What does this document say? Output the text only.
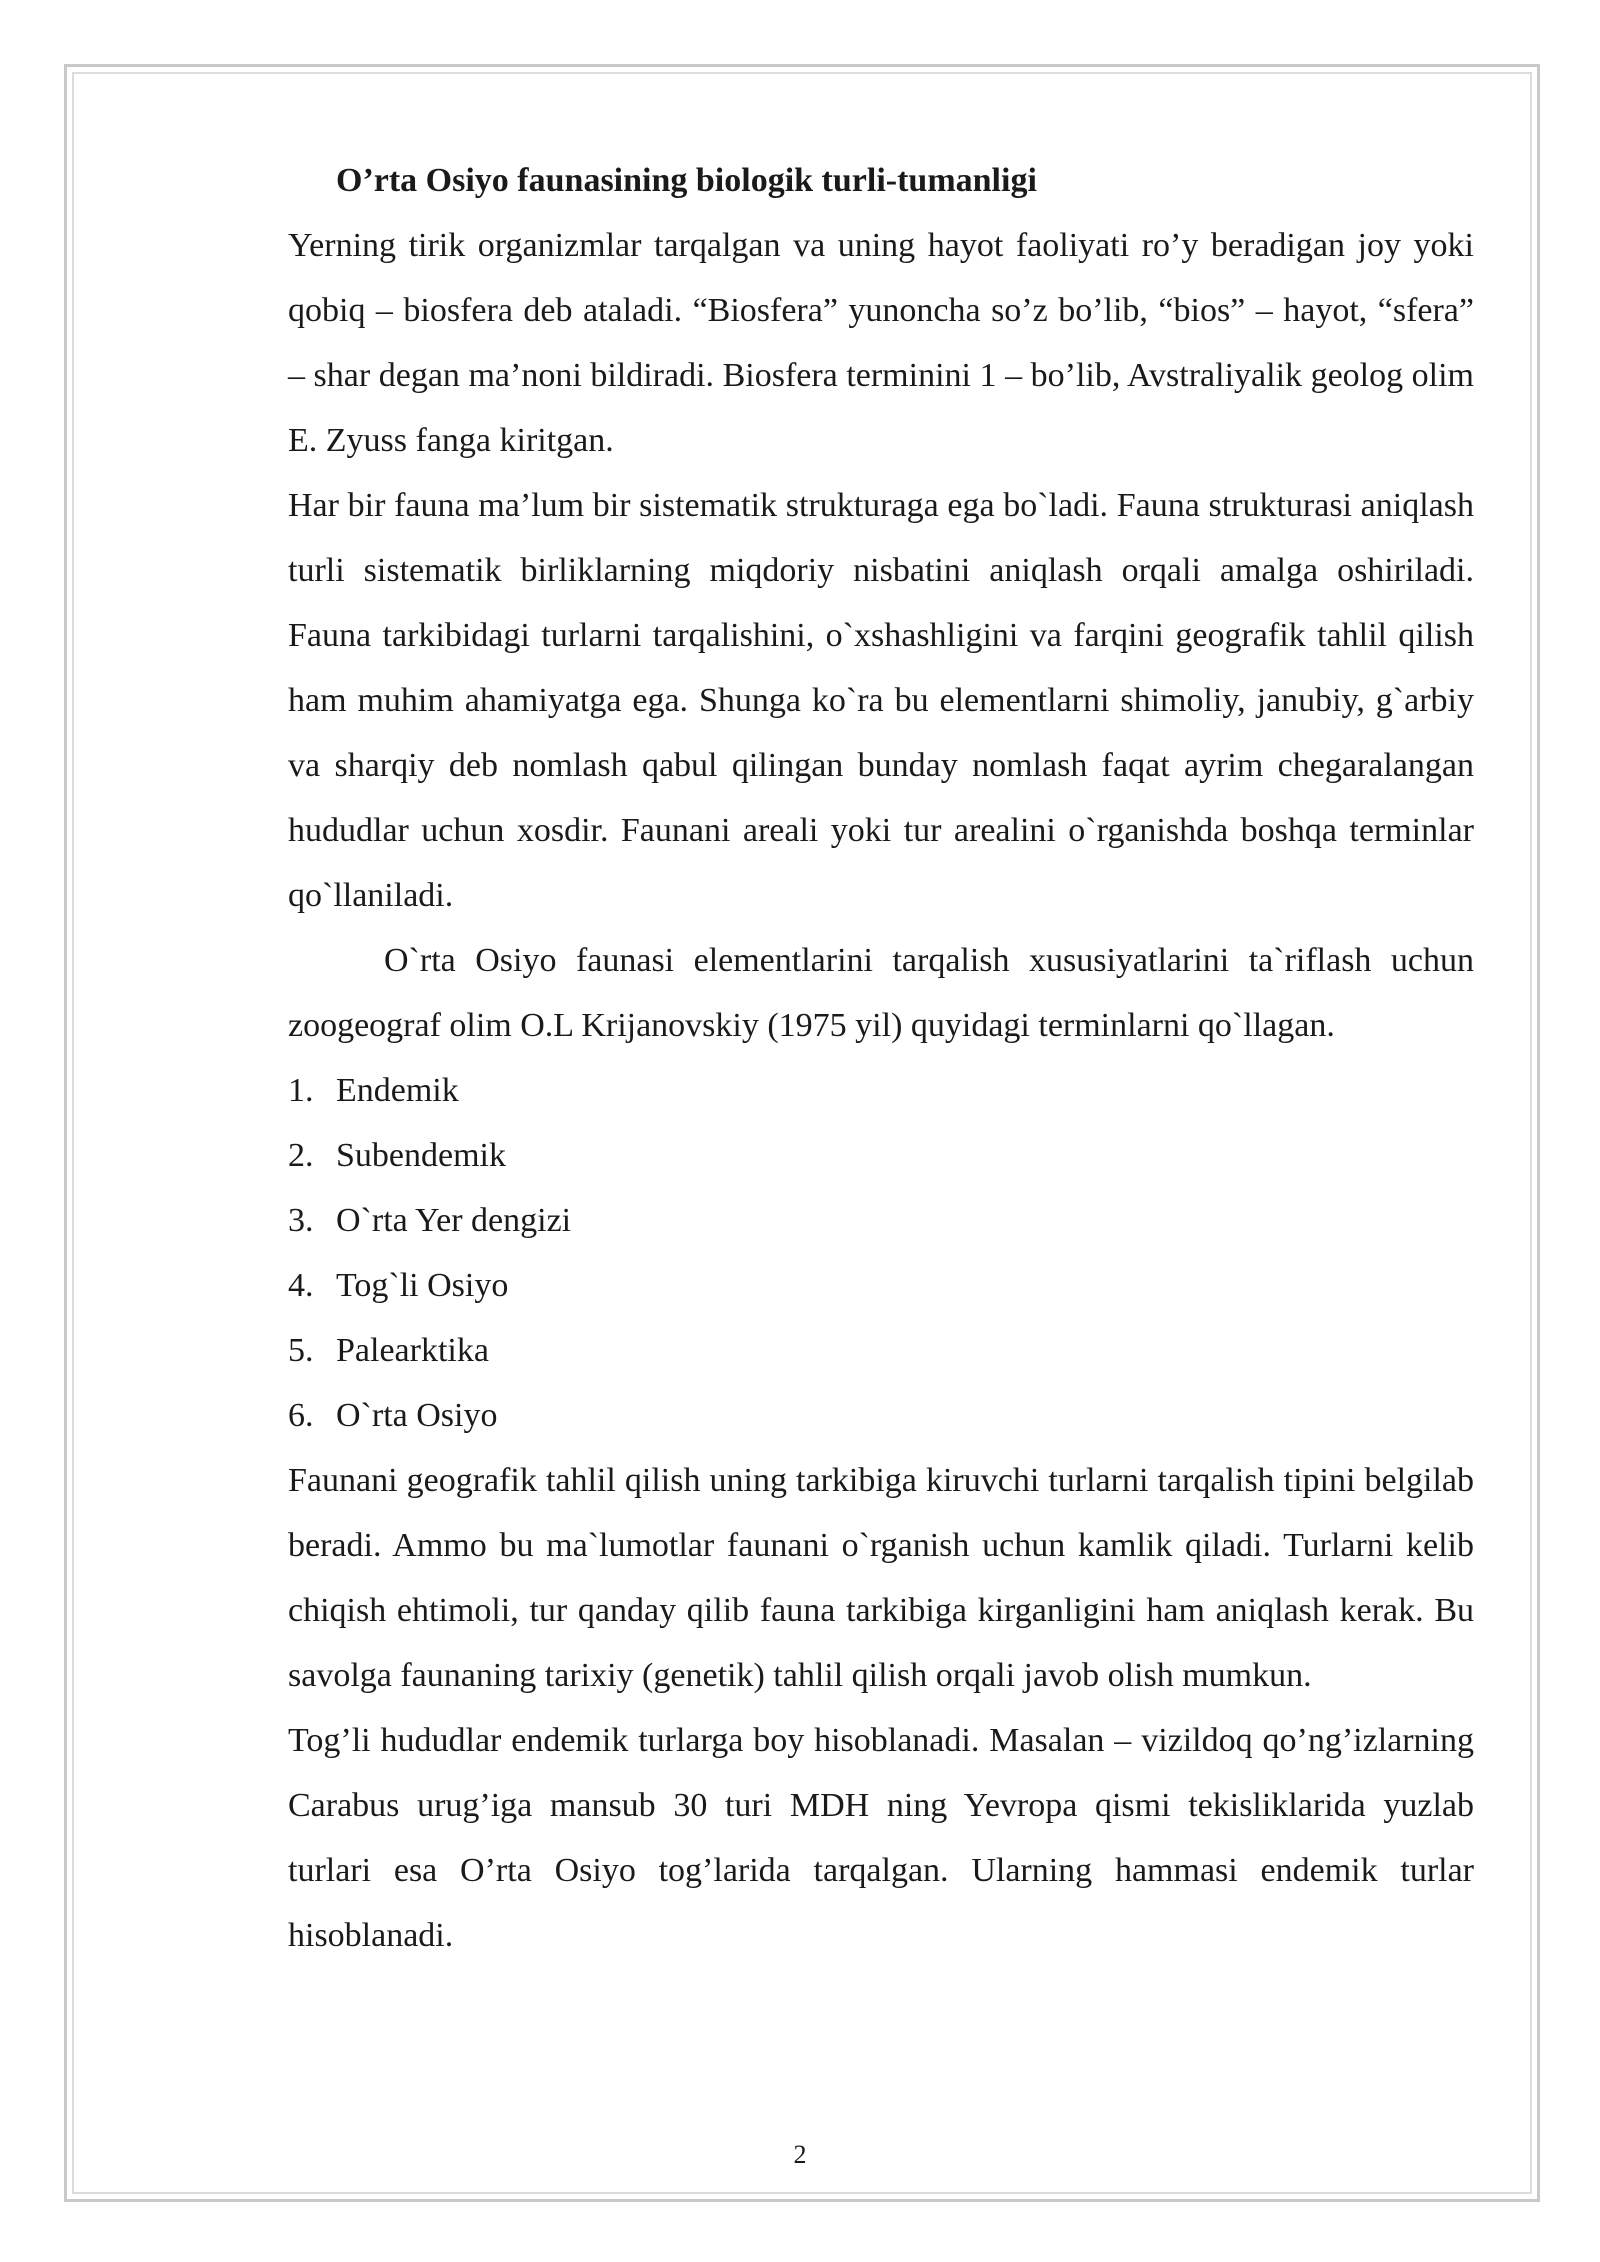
O’rta Osiyo faunasining biologik turli-tumanligi

Yerning tirik organizmlar tarqalgan va uning hayot faoliyati ro’y beradigan joy yoki qobiq – biosfera deb ataladi. “Biosfera” yunoncha so’z bo’lib, “bios” – hayot, “sfera” – shar degan ma’noni bildiradi. Biosfera terminini 1 – bo’lib, Avstraliyalik geolog olim E. Zyuss fanga kiritgan.

Har bir fauna ma’lum bir sistematik strukturaga ega bo`ladi. Fauna strukturasi aniqlash turli sistematik birliklarning miqdoriy nisbatini aniqlash orqali amalga oshiriladi. Fauna tarkibidagi turlarni tarqalishini, o`xshashligini va farqini geografik tahlil qilish ham muhim ahamiyatga ega. Shunga ko`ra bu elementlarni shimoliy, janubiy, g`arbiy va sharqiy deb nomlash qabul qilingan bunday nomlash faqat ayrim chegaralangan hududlar uchun xosdir. Faunani areali yoki tur arealini o`rganishda boshqa terminlar qo`llaniladi.

O`rta Osiyo faunasi elementlarini tarqalish xususiyatlarini ta`riflash uchun zoogeograf olim O.L Krijanovskiy (1975 yil) quyidagi terminlarni qo`llagan.

1. Endemik
2. Subendemik
3. O`rta Yer dengizi
4. Tog`li Osiyo
5. Palearktika
6. O`rta Osiyo

Faunani geografik tahlil qilish uning tarkibiga kiruvchi turlarni tarqalish tipini belgilab beradi. Ammo bu ma`lumotlar faunani o`rganish uchun kamlik qiladi. Turlarni kelib chiqish ehtimoli, tur qanday qilib fauna tarkibiga kirganligini ham aniqlash kerak. Bu savolga faunaning tarixiy (genetik) tahlil qilish orqali javob olish mumkun.

Tog’li hududlar endemik turlarga boy hisoblanadi. Masalan – vizildoq qo’ng’izlarning Carabus urug’iga mansub 30 turi MDH ning Yevropa qismi tekisliklarida yuzlab turlari esa O’rta Osiyo tog’larida tarqalgan. Ularning hammasi endemik turlar hisoblanadi.

2
